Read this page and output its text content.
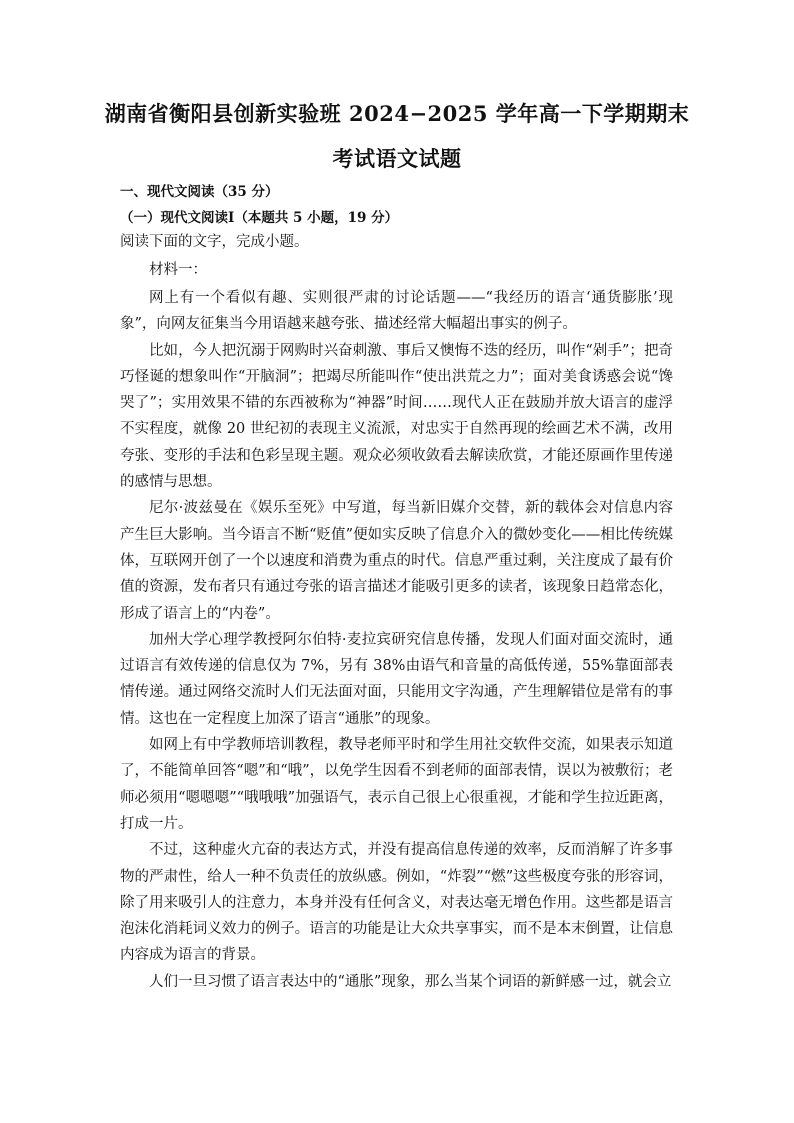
湖南省衡阳县创新实验班 2024−2025 学年高一下学期期末
考试语文试题
一、现代文阅读（35 分）
（一）现代文阅读Ⅰ（本题共 5 小题，19 分）

阅读下面的文字，完成小题。

材料一：

网上有一个看似有趣、实则很严肃的讨论话题——“我经历的语言‘通货膨胀’现象”，向网友征集当今用语越来越夸张、描述经常大幅超出事实的例子。

比如，今人把沉溺于网购时兴奋刺激、事后又懊悔不迭的经历，叫作“剁手”；把奇巧怪诞的想象叫作“开脑洞”；把竭尽所能叫作“使出洪荒之力”；面对美食诱惑会说“馋哭了”；实用效果不错的东西被称为“神器”时间……现代人正在鼓励并放大语言的虚浮不实程度，就像 20 世纪初的表现主义流派，对忠实于自然再现的绘画艺术不满，改用夸张、变形的手法和色彩呈现主题。观众必须收敛看去解读欣赏，才能还原画作里传递的感情与思想。

尼尔·波兹曼在《娱乐至死》中写道，每当新旧媒介交替，新的载体会对信息内容产生巨大影响。当今语言不断“贬值”便如实反映了信息介入的微妙变化——相比传统媒体，互联网开创了一个以速度和消费为重点的时代。信息严重过剩，关注度成了最有价值的资源，发布者只有通过夸张的语言描述才能吸引更多的读者，该现象日趋常态化，形成了语言上的“内卷”。

加州大学心理学教授阿尔伯特·麦拉宾研究信息传播，发现人们面对面交流时，通过语言有效传递的信息仅为 7%，另有 38%由语气和音量的高低传递，55%靠面部表情传递。通过网络交流时人们无法面对面，只能用文字沟通，产生理解错位是常有的事情。这也在一定程度上加深了语言“通胀”的现象。

如网上有中学教师培训教程，教导老师平时和学生用社交软件交流，如果表示知道了，不能简单回答“嗯”和“哦”，以免学生因看不到老师的面部表情，误以为被敷衍；老师必须用“嗯嗯嗯”“哦哦哦”加强语气，表示自己很上心很重视，才能和学生拉近距离，打成一片。

不过，这种虚火亢奋的表达方式，并没有提高信息传递的效率，反而消解了许多事物的严肃性，给人一种不负责任的放纵感。例如，“炸裂”“燃”这些极度夸张的形容词，除了用来吸引人的注意力，本身并没有任何含义，对表达毫无增色作用。这些都是语言泡沫化消耗词义效力的例子。语言的功能是让大众共享事实，而不是本末倒置，让信息内容成为语言的背景。

人们一旦习惯了语言表达中的“通胀”现象，那么当某个词语的新鲜感一过，就会立
